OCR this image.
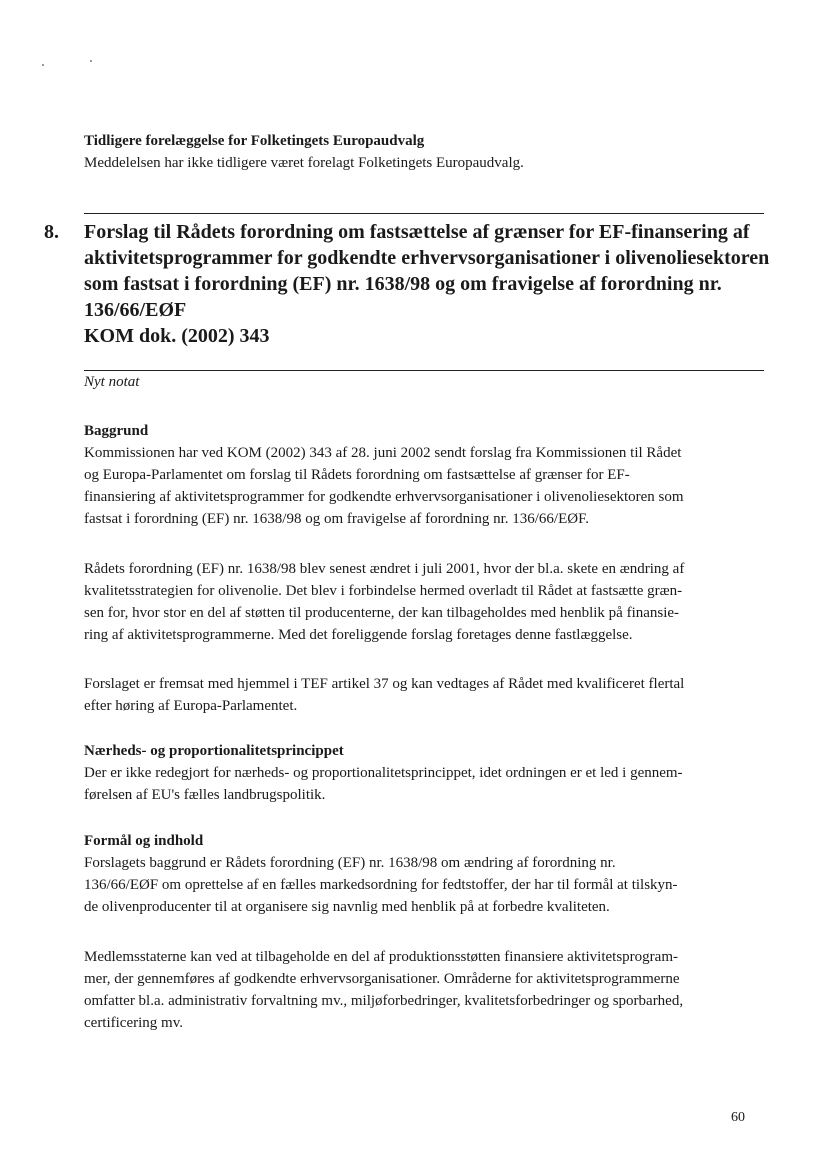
Tidligere forelæggelse for Folketingets Europaudvalg

Meddelelsen har ikke tidligere været forelagt Folketingets Europaudvalg.

8. Forslag til Rådets forordning om fastsættelse af grænser for EF-finansering af
aktivitetsprogrammer for godkendte erhvervsorganisationer i olivenoliesektoren
som fastsat i forordning (EF) nr. 1638/98 og om fravigelse af forordning nr.
136/66/EØF
KOM dok. (2002) 343
Nyt notat

Baggrund

Kommissionen har ved KOM (2002) 343 af 28. juni 2002 sendt forslag fra Kommissionen til Rådet

og Europa-Parlamentet om forslag til Rådets forordning om fastsættelse af grænser for EF-

finansiering af aktivitetsprogrammer for godkendte erhvervsorganisationer i olivenoliesektoren som

fastsat i forordning (EF) nr. 1638/98 og om fravigelse af forordning nr. 136/66/EØF.

Rådets forordning (EF) nr. 1638/98 blev senest ændret i juli 2001, hvor der bl.a. skete en ændring af

kvalitetsstrategien for olivenolie. Det blev i forbindelse hermed overladt til Rådet at fastsætte græn-

sen for, hvor stor en del af støtten til producenterne, der kan tilbageholdes med henblik på finansie-

ring af aktivitetsprogrammerne. Med det foreliggende forslag foretages denne fastlæggelse.

Forslaget er fremsat med hjemmel i TEF artikel 37 og kan vedtages af Rådet med kvalificeret flertal

efter høring af Europa-Parlamentet.

Nærheds- og proportionalitetsprincippet

Der er ikke redegjort for nærheds- og proportionalitetsprincippet, idet ordningen er et led i gennem-

førelsen af EU's fælles landbrugspolitik.

Formål og indhold

Forslagets baggrund er Rådets forordning (EF) nr. 1638/98 om ændring af forordning nr.

136/66/EØF om oprettelse af en fælles markedsordning for fedtstoffer, der har til formål at tilskyn-

de olivenproducenter til at organisere sig navnlig med henblik på at forbedre kvaliteten.

Medlemsstaterne kan ved at tilbageholde en del af produktionsstøtten finansiere aktivitetsprogram-

mer, der gennemføres af godkendte erhvervsorganisationer. Områderne for aktivitetsprogrammerne

omfatter bl.a. administrativ forvaltning mv., miljøforbedringer, kvalitetsforbedringer og sporbarhed,

certificering mv.

60
